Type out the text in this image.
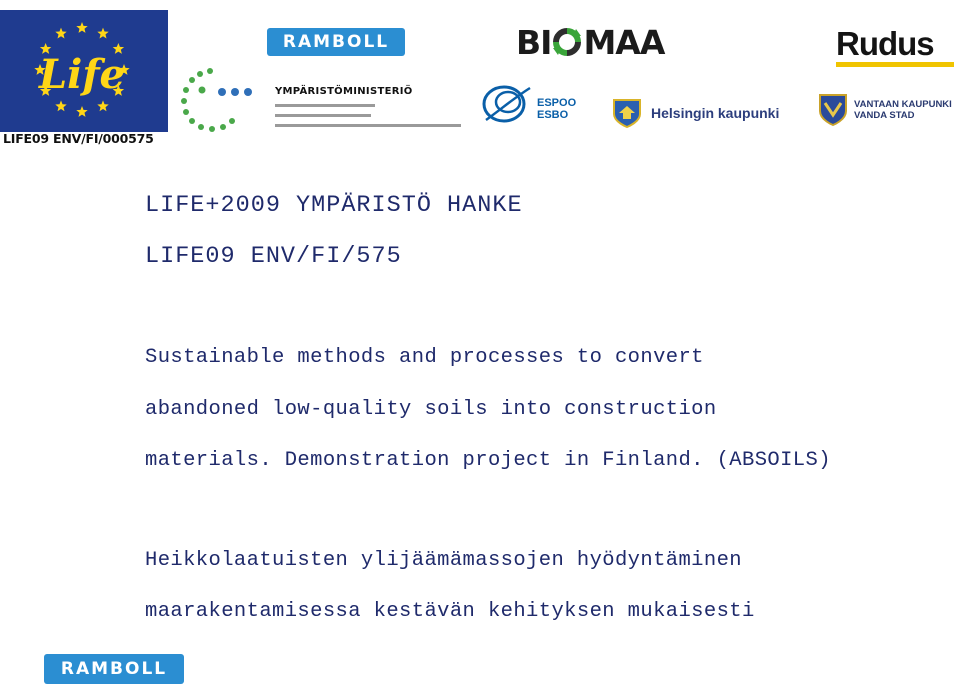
Life
LIFE09 ENV/FI/000575
RAMBOLL	BI MAA	Rudus
YMPÄRISTÖMINISTERIÖ
ESPOO
ESBO	Helsingin kaupunki
VANTAAN KAUPUNKI
VANDA STAD

LIFE+2009 YMPÄRISTÖ HANKE

LIFE09 ENV/FI/575

Sustainable methods and processes to convert

abandoned low-quality soils into construction

materials. Demonstration project in Finland. (ABSOILS)

Heikkolaatuisten ylijäämämassojen hyödyntäminen

maarakentamisessa kestävän kehityksen mukaisesti

RAMBOLL
